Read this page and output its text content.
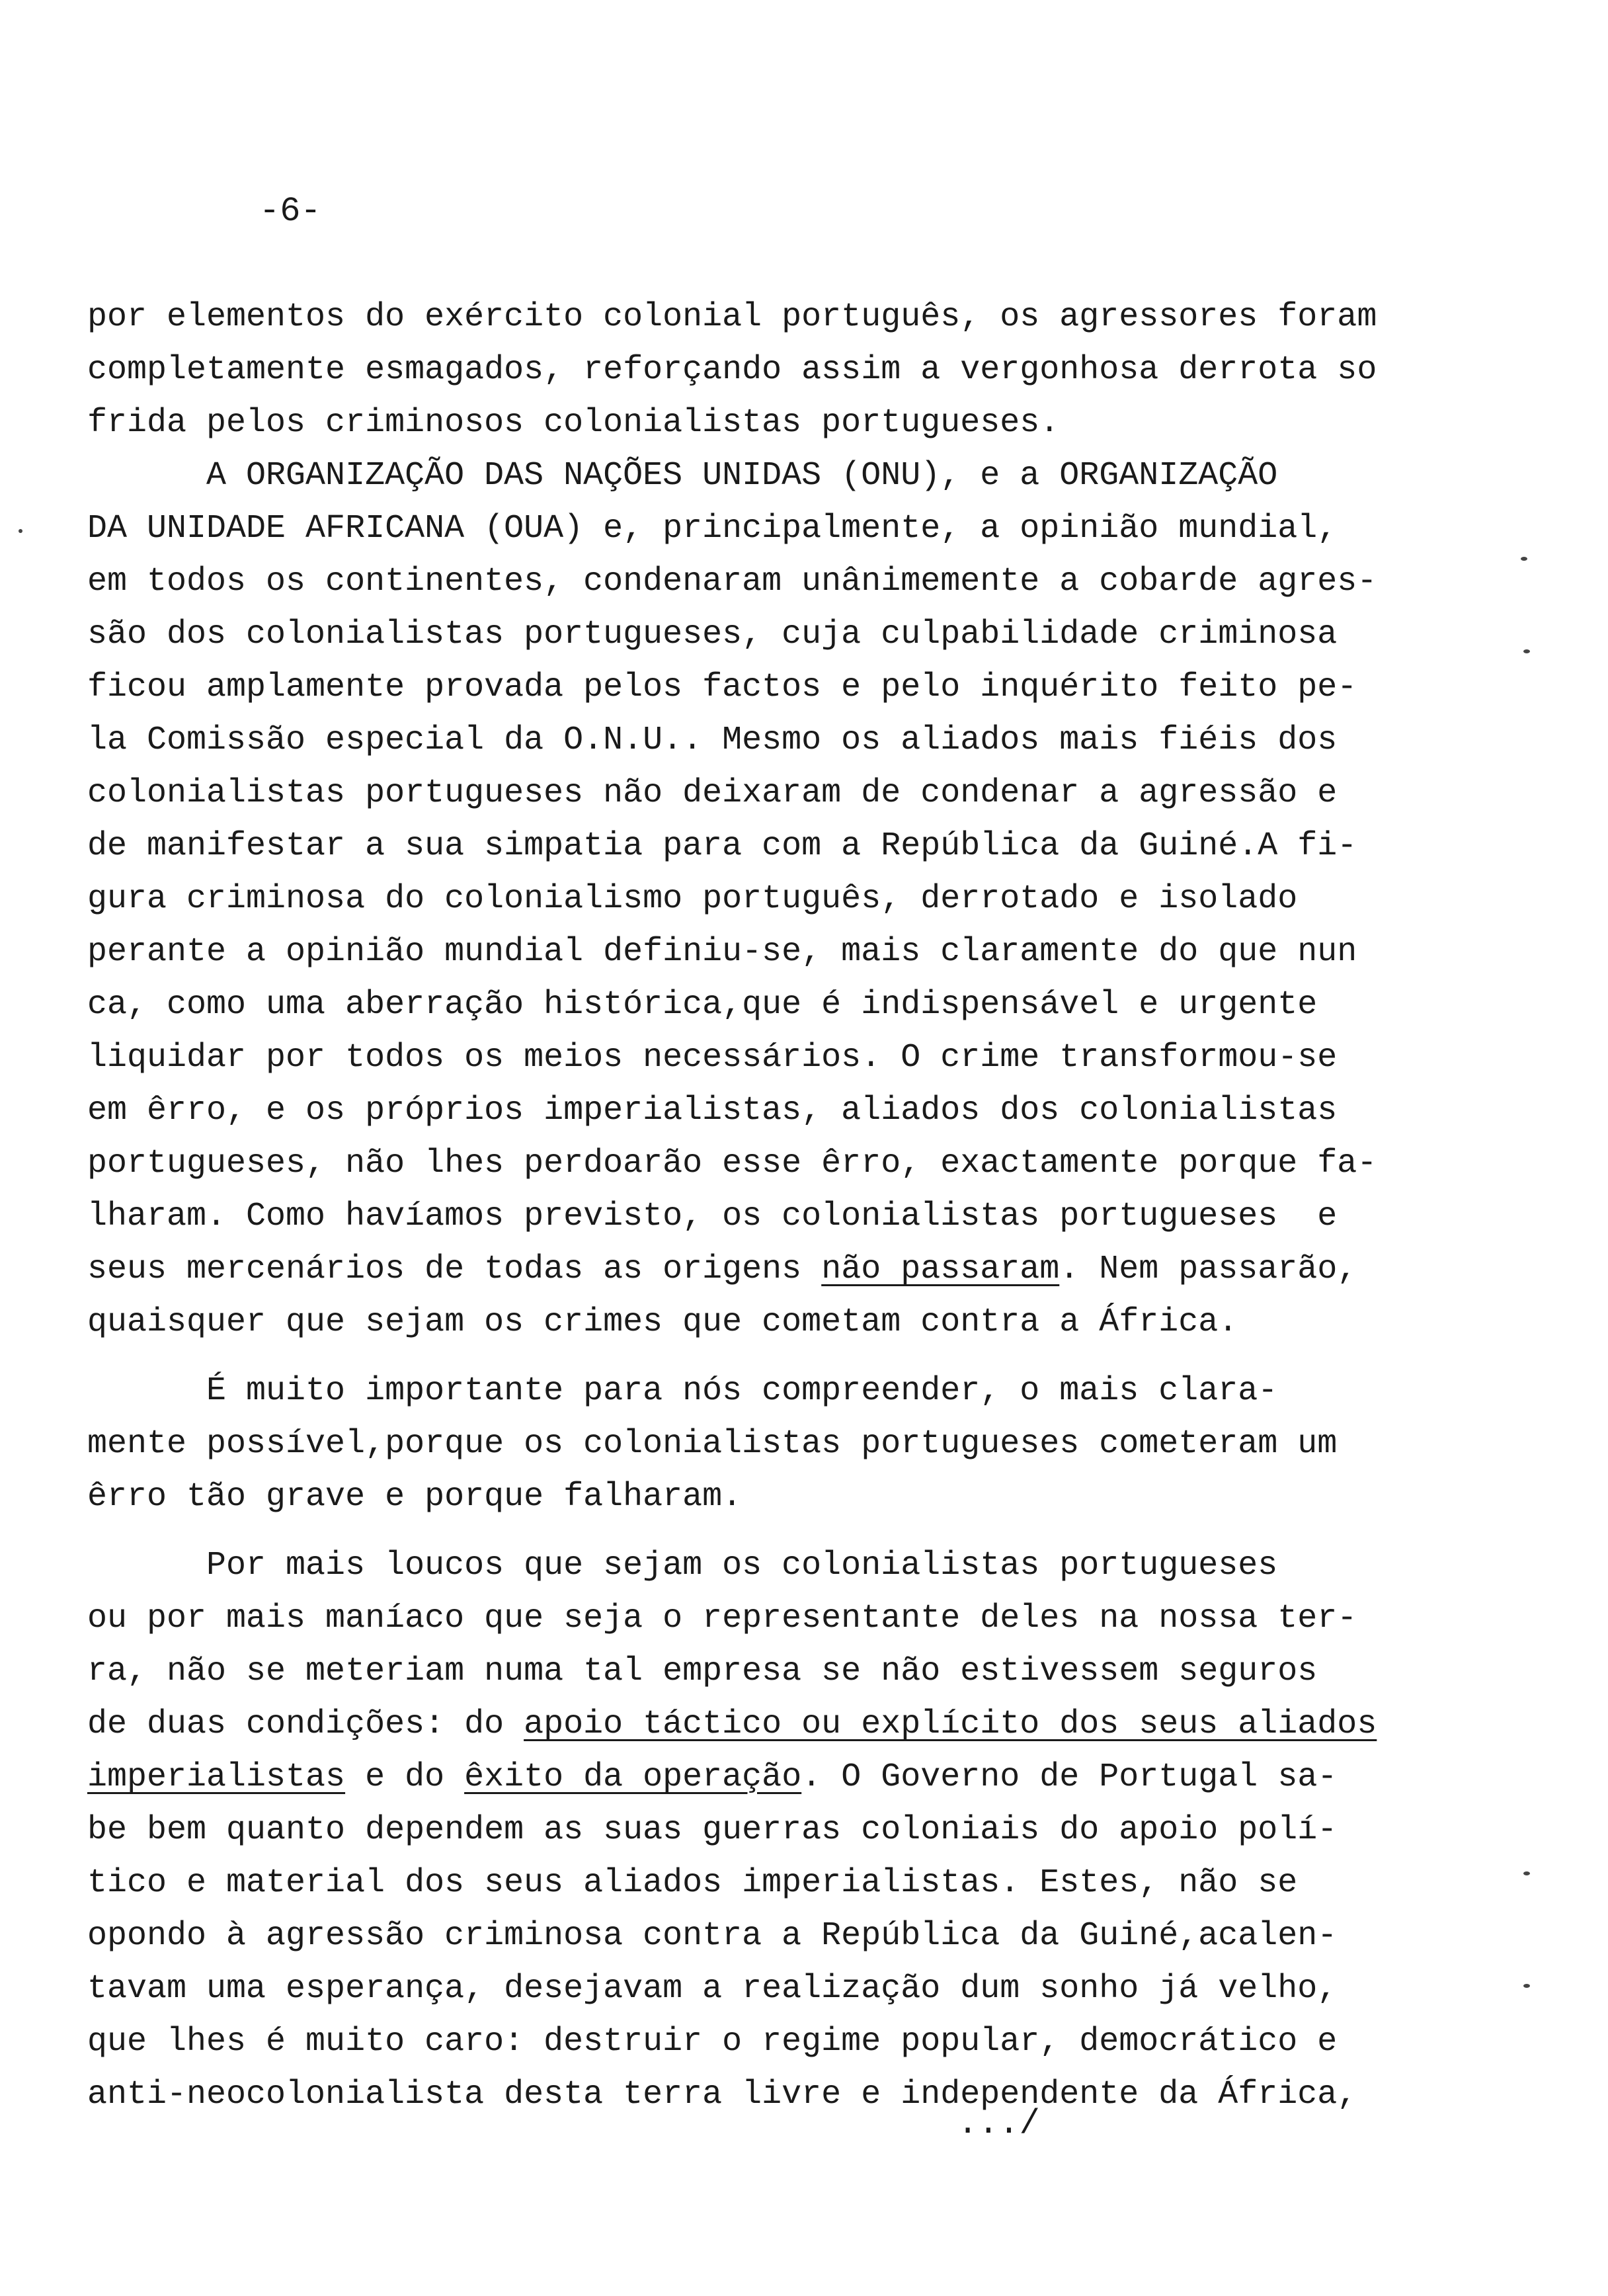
-6-
por elementos do exército colonial português, os agressores foram
completamente esmagados, reforçando assim a vergonhosa derrota so
frida pelos criminosos colonialistas portugueses.
A ORGANIZAÇÃO DAS NAÇÕES UNIDAS (ONU), e a ORGANIZAÇÃO
DA UNIDADE AFRICANA (OUA) e, principalmente, a opinião mundial,
em todos os continentes, condenaram unânimemente a cobarde agres-
são dos colonialistas portugueses, cuja culpabilidade criminosa
ficou amplamente provada pelos factos e pelo inquérito feito pe-
la Comissão especial da O.N.U.. Mesmo os aliados mais fiéis dos
colonialistas portugueses não deixaram de condenar a agressão e
de manifestar a sua simpatia para com a República da Guiné.A fi-
gura criminosa do colonialismo português, derrotado e isolado
perante a opinião mundial definiu-se, mais claramente do que nun
ca, como uma aberração histórica,que é indispensável e urgente
liquidar por todos os meios necessários. O crime transformou-se
em êrro, e os próprios imperialistas, aliados dos colonialistas
portugueses, não lhes perdoarão esse êrro, exactamente porque fa-
lharam. Como havíamos previsto, os colonialistas portugueses  e
seus mercenários de todas as origens não passaram. Nem passarão,
quaisquer que sejam os crimes que cometam contra a África.
É muito importante para nós compreender, o mais clara-
mente possível,porque os colonialistas portugueses cometeram um
êrro tão grave e porque falharam.
Por mais loucos que sejam os colonialistas portugueses
ou por mais maníaco que seja o representante deles na nossa ter-
ra, não se meteriam numa tal empresa se não estivessem seguros
de duas condições: do apoio táctico ou explícito dos seus aliados
imperialistas e do êxito da operação. O Governo de Portugal sa-
be bem quanto dependem as suas guerras coloniais do apoio polí-
tico e material dos seus aliados imperialistas. Estes, não se
opondo à agressão criminosa contra a República da Guiné,acalen-
tavam uma esperança, desejavam a realização dum sonho já velho,
que lhes é muito caro: destruir o regime popular, democrático e
anti-neocolonialista desta terra livre e independente da África,
.../
